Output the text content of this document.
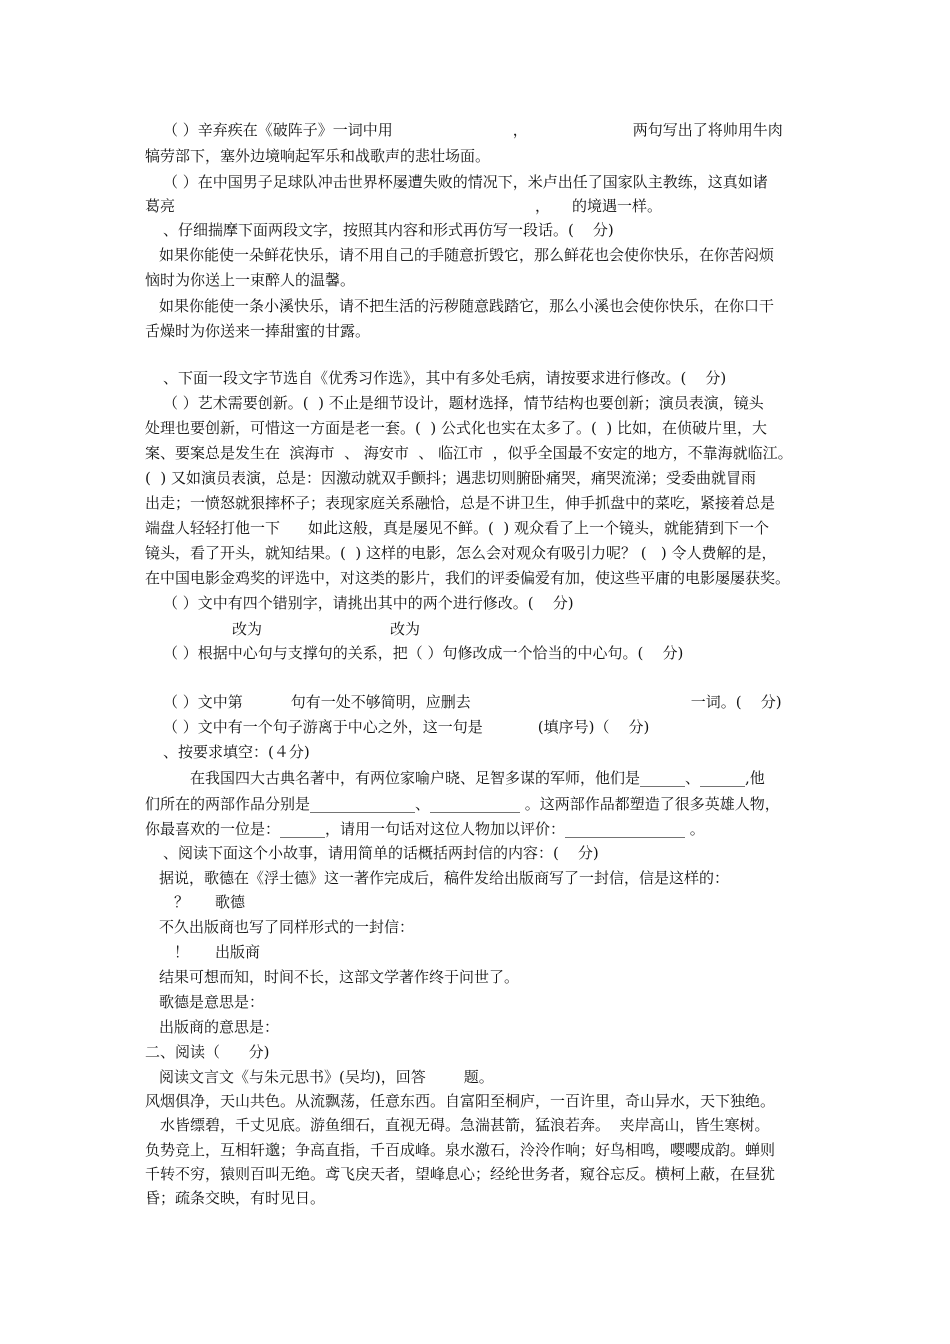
（ ）辛弃疾在《破阵子》一词中用	，	两句写出了将帅用牛肉
犒劳部下，塞外边境响起军乐和战歌声的悲壮场面。
（ ）在中国男子足球队冲击世界杯屡遭失败的情况下，米卢出任了国家队主教练，这真如诸
葛亮	， 的境遇一样。
、仔细揣摩下面两段文字，按照其内容和形式再仿写一段话。(    分)
如果你能使一朵鲜花快乐，请不用自己的手随意折毁它，那么鲜花也会使你快乐，在你苦闷烦
恼时为你送上一束醉人的温馨。
如果你能使一条小溪快乐，请不把生活的污秽随意践踏它，那么小溪也会使你快乐，在你口干
舌燥时为你送来一捧甜蜜的甘露。
、下面一段文字节选自《优秀习作选》，其中有多处毛病，请按要求进行修改。(    分)
（ ）艺术需要创新。(  ) 不止是细节设计，题材选择，情节结构也要创新；演员表演，镜头
处理也要创新，可惜这一方面是老一套。(  ) 公式化也实在太多了。(  ) 比如，在侦破片里，大
案、要案总是发生在  滨海市  、 海安市  、 临江市  ，似乎全国最不安定的地方，不靠海就临江。
(  ) 又如演员表演，总是：因激动就双手颤抖；遇悲切则腑卧痛哭，痛哭流涕；受委曲就冒雨
出走；一愤怒就狠摔杯子；表现家庭关系融恰，总是不讲卫生，伸手抓盘中的菜吃，紧接着总是
端盘人轻轻打他一下 如此这般，真是屡见不鲜。(  ) 观众看了上一个镜头，就能猜到下一个
镜头，看了开头，就知结果。(  ) 这样的电影，怎么会对观众有吸引力呢？ (   ) 令人费解的是，
在中国电影金鸡奖的评选中，对这类的影片，我们的评委偏爱有加，使这些平庸的电影屡屡获奖。
（ ）文中有四个错别字，请挑出其中的两个进行修改。(    分)
改为	改为
（ ）根据中心句与支撑句的关系，把（ ）句修改成一个恰当的中心句。(    分)
（ ）文中第	句有一处不够简明，应删去	一词。(    分)
（ ）文中有一个句子游离于中心之外，这一句是	(填序号)（    分)
、按要求填空：(４分)
在我国四大古典名著中，有两位家喻户晓、足智多谋的军师，他们是______、______,他
们所在的两部作品分别是______________、____________ 。这两部作品都塑造了很多英雄人物，
你最喜欢的一位是：______，请用一句话对这位人物加以评价：________________ 。
、阅读下面这个小故事，请用简单的话概括两封信的内容：(    分)
据说，歌德在《浮士德》这一著作完成后，稿件发给出版商写了一封信，信是这样的：
？ 歌德
不久出版商也写了同样形式的一封信：
！ 出版商
结果可想而知，时间不长，这部文学著作终于问世了。
歌德是意思是：
出版商的意思是：
二、阅读（      分)
阅读文言文《与朱元思书》(吴均)，回答	题。
风烟俱净，天山共色。从流飘荡，任意东西。自富阳至桐庐，一百许里，奇山异水，天下独绝。
水皆缥碧，千丈见底。游鱼细石，直视无碍。急湍甚箭，猛浪若奔。  夹岸高山，皆生寒树。
负势竞上，互相轩邈；争高直指，千百成峰。泉水激石，泠泠作响；好鸟相鸣，嘤嘤成韵。蝉则
千转不穷，猿则百叫无绝。鸢飞戾天者，望峰息心；经纶世务者，窥谷忘反。横柯上蔽，在昼犹
昏；疏条交映，有时见日。
